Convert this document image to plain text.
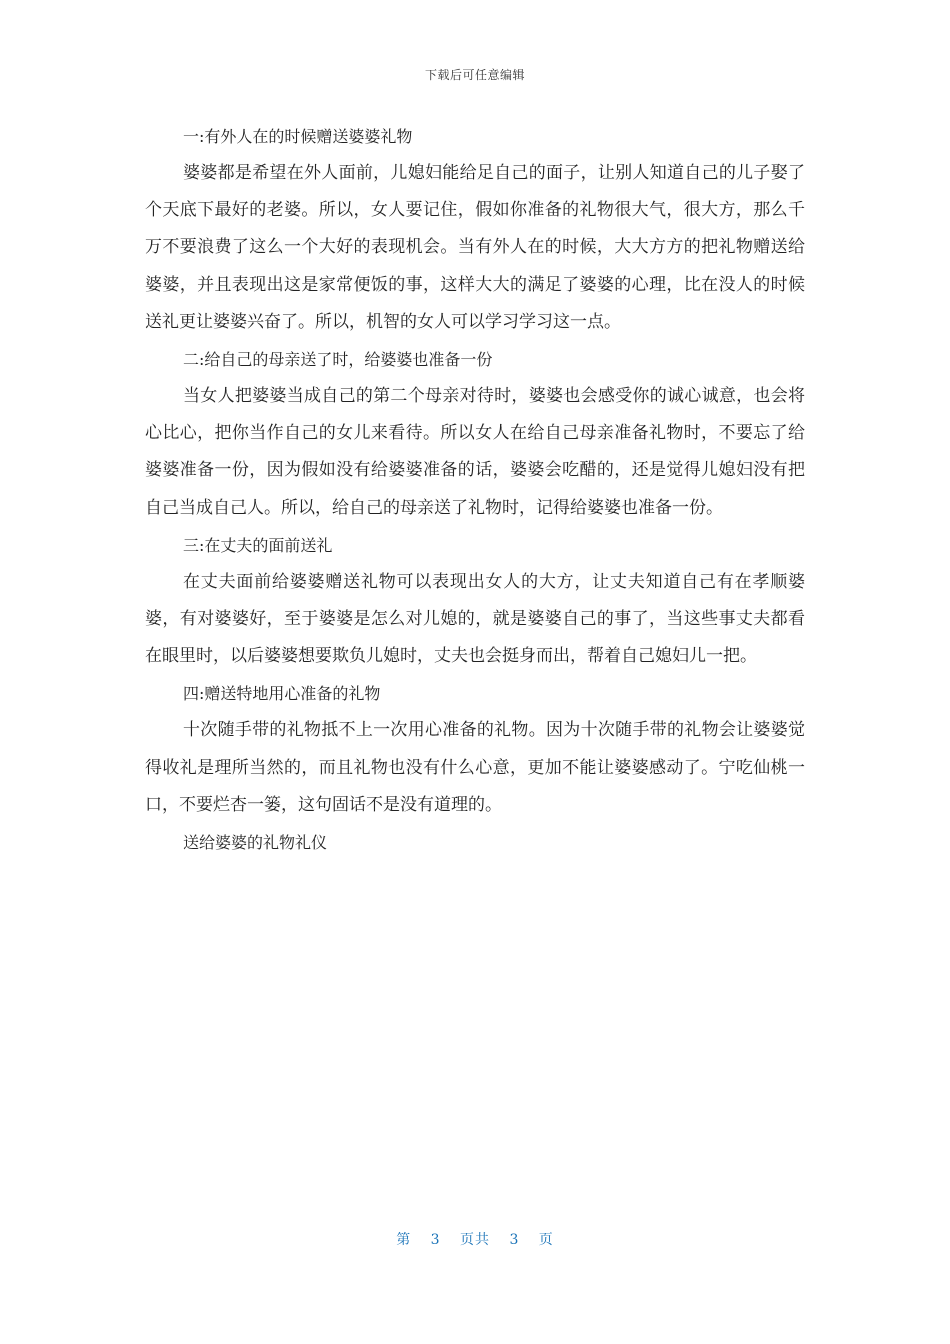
下载后可任意编辑

一:有外人在的时候赠送婆婆礼物

婆婆都是希望在外人面前，儿媳妇能给足自己的面子，让别人知道自己的儿子娶了个天底下最好的老婆。所以，女人要记住，假如你准备的礼物很大气，很大方，那么千万不要浪费了这么一个大好的表现机会。当有外人在的时候，大大方方的把礼物赠送给婆婆，并且表现出这是家常便饭的事，这样大大的满足了婆婆的心理，比在没人的时候送礼更让婆婆兴奋了。所以，机智的女人可以学习学习这一点。

二:给自己的母亲送了时，给婆婆也准备一份

当女人把婆婆当成自己的第二个母亲对待时，婆婆也会感受你的诚心诚意，也会将心比心，把你当作自己的女儿来看待。所以女人在给自己母亲准备礼物时，不要忘了给婆婆准备一份，因为假如没有给婆婆准备的话，婆婆会吃醋的，还是觉得儿媳妇没有把自己当成自己人。所以，给自己的母亲送了礼物时，记得给婆婆也准备一份。

三:在丈夫的面前送礼

在丈夫面前给婆婆赠送礼物可以表现出女人的大方，让丈夫知道自己有在孝顺婆婆，有对婆婆好，至于婆婆是怎么对儿媳的，就是婆婆自己的事了，当这些事丈夫都看在眼里时，以后婆婆想要欺负儿媳时，丈夫也会挺身而出，帮着自己媳妇儿一把。

四:赠送特地用心准备的礼物

十次随手带的礼物抵不上一次用心准备的礼物。因为十次随手带的礼物会让婆婆觉得收礼是理所当然的，而且礼物也没有什么心意，更加不能让婆婆感动了。宁吃仙桃一口，不要烂杏一篓，这句固话不是没有道理的。

送给婆婆的礼物礼仪

第 3 页共 3 页
